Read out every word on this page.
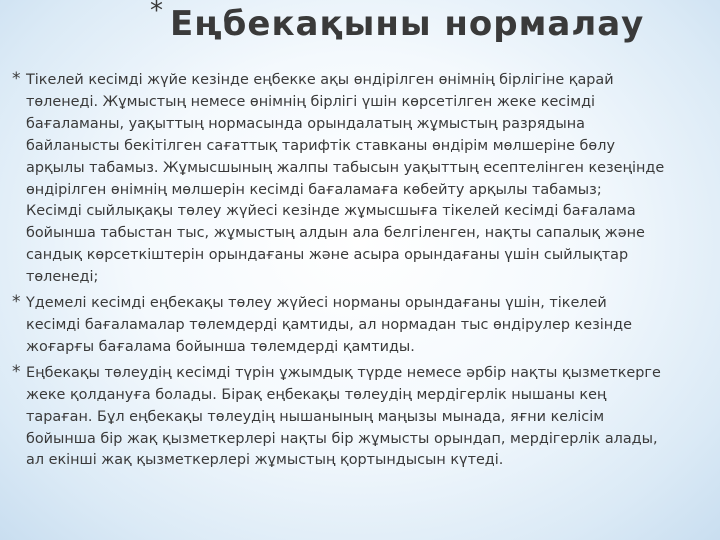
* Еңбекақыны нормалау
* Тікелей кесімді жүйе кезінде еңбекке ақы өндірілген өнімнің бірлігіне қарай
төленеді. Жұмыстың немесе өнімнің бірлігі үшін көрсетілген жеке кесімді
бағаламаны, уақыттың нормасында орындалатың жұмыстың разрядына
байланысты бекітілген сағаттық тарифтік ставканы өндірім мөлшеріне бөлу
арқылы табамыз. Жұмысшының жалпы табысын уақыттың есептелінген кезеңінде
өндірілген өнімнің мөлшерін кесімді бағаламаға көбейту арқылы табамыз;
Кесімді сыйлықақы төлеу жүйесі кезінде жұмысшыға тікелей кесімді бағалама
бойынша табыстан тыс, жұмыстың алдын ала белгіленген, нақты сапалық және
сандық көрсеткіштерін орындағаны және асыра орындағаны үшін сыйлықтар
төленеді;
* Үдемелі кесімді еңбекақы төлеу жүйесі норманы орындағаны үшін, тікелей
кесімді бағаламалар төлемдерді қамтиды, ал нормадан тыс өндірулер кезінде
жоғарғы бағалама бойынша төлемдерді қамтиды.
* Еңбекақы төлеудің кесімді түрін ұжымдық түрде немесе әрбір нақты қызметкерге
жеке қолдануға болады. Бірақ еңбекақы төлеудің мердігерлік нышаны кең
тараған. Бұл еңбекақы төлеудің нышанының маңызы мынада, яғни келісім
бойынша бір жақ қызметкерлері нақты бір жұмысты орындап, мердігерлік алады,
ал екінші жақ қызметкерлері жұмыстың қортындысын күтеді.
